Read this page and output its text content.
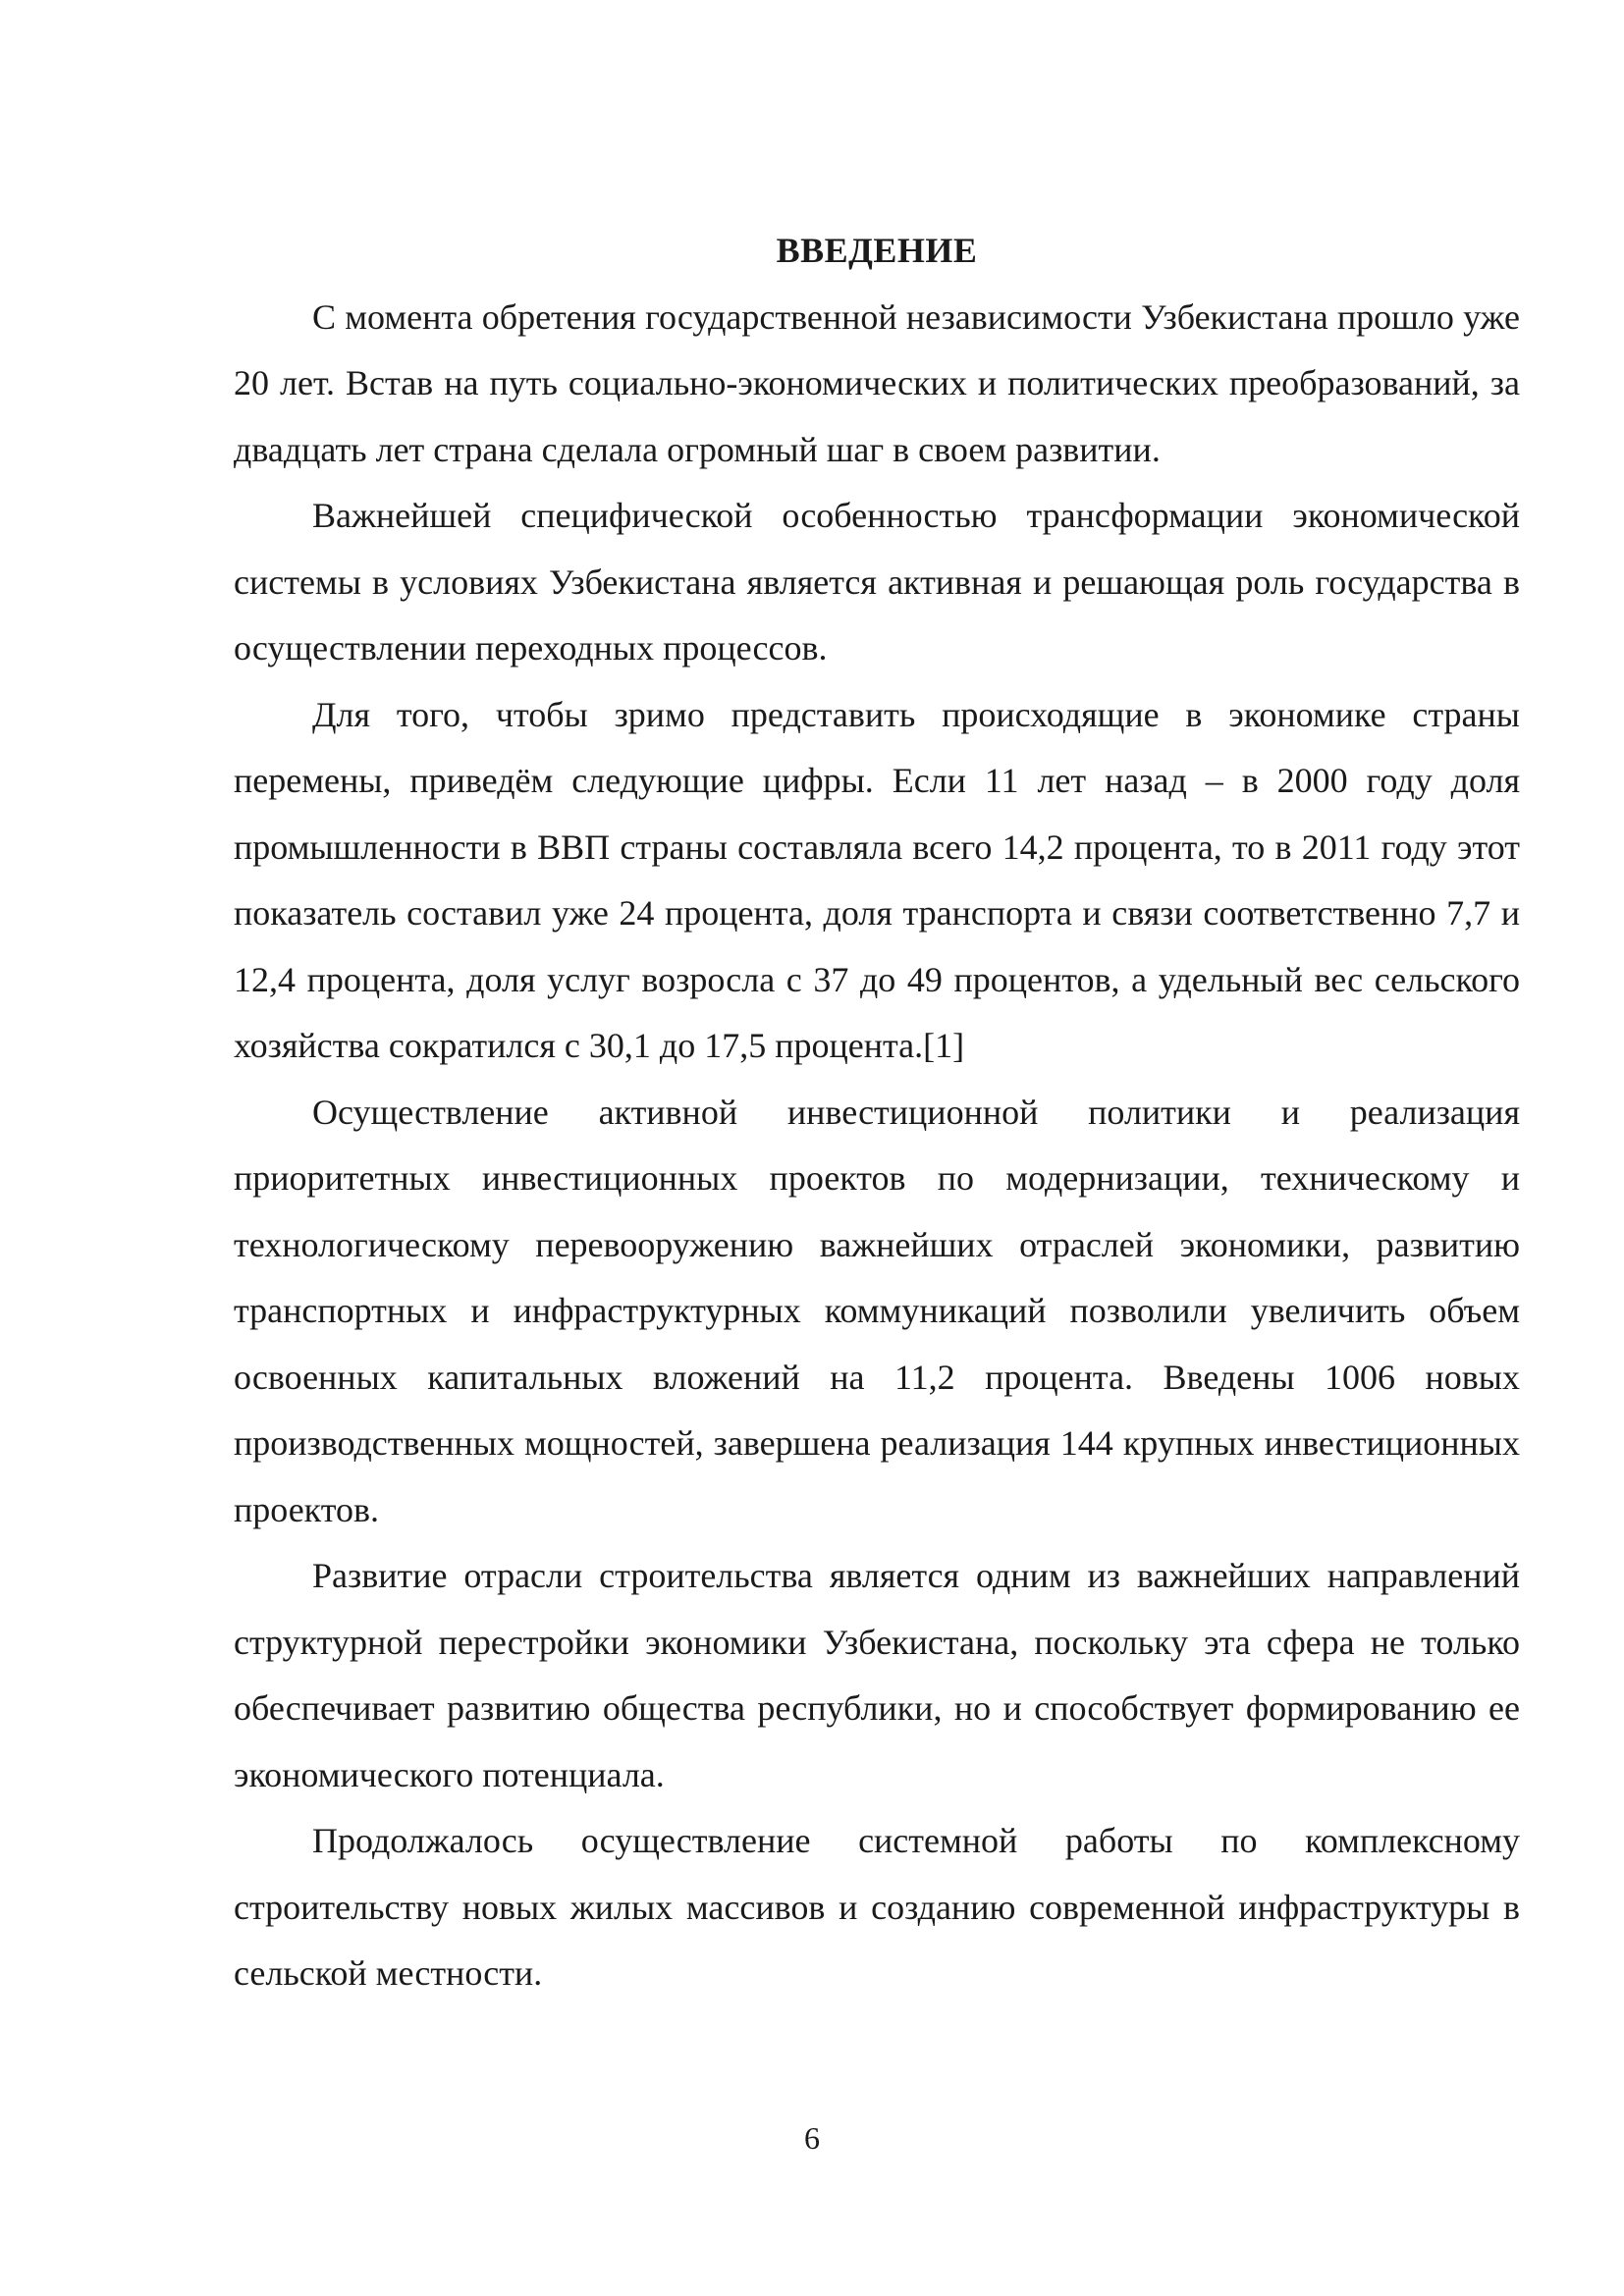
ВВЕДЕНИЕ

С момента обретения государственной независимости Узбекистана прошло уже 20 лет. Встав на путь социально-экономических и политических преобразований, за двадцать лет страна сделала огромный шаг в своем развитии.

Важнейшей специфической особенностью трансформации экономической системы в условиях Узбекистана является активная и решающая роль государства в осуществлении переходных процессов.

Для того, чтобы зримо представить происходящие в экономике страны перемены, приведём следующие цифры. Если 11 лет назад – в 2000 году доля промышленности в ВВП страны составляла всего 14,2 процента, то в 2011 году этот показатель составил уже 24 процента, доля транспорта и связи соответственно 7,7 и 12,4 процента, доля услуг возросла с 37 до 49 процентов, а удельный вес сельского хозяйства сократился с 30,1 до 17,5 процента.[1]

Осуществление активной инвестиционной политики и реализация приоритетных инвестиционных проектов по модернизации, техническому и технологическому перевооружению важнейших отраслей экономики, развитию транспортных и инфраструктурных коммуникаций позволили увеличить объем освоенных капитальных вложений на 11,2 процента. Введены 1006 новых производственных мощностей, завершена реализация 144 крупных инвестиционных проектов.

Развитие отрасли строительства является одним из важнейших направлений структурной перестройки экономики Узбекистана, поскольку эта сфера не только обеспечивает развитию общества республики, но и способствует формированию ее экономического потенциала.

Продолжалось осуществление системной работы по комплексному строительству новых жилых массивов и созданию современной инфраструктуры в сельской местности.

6
